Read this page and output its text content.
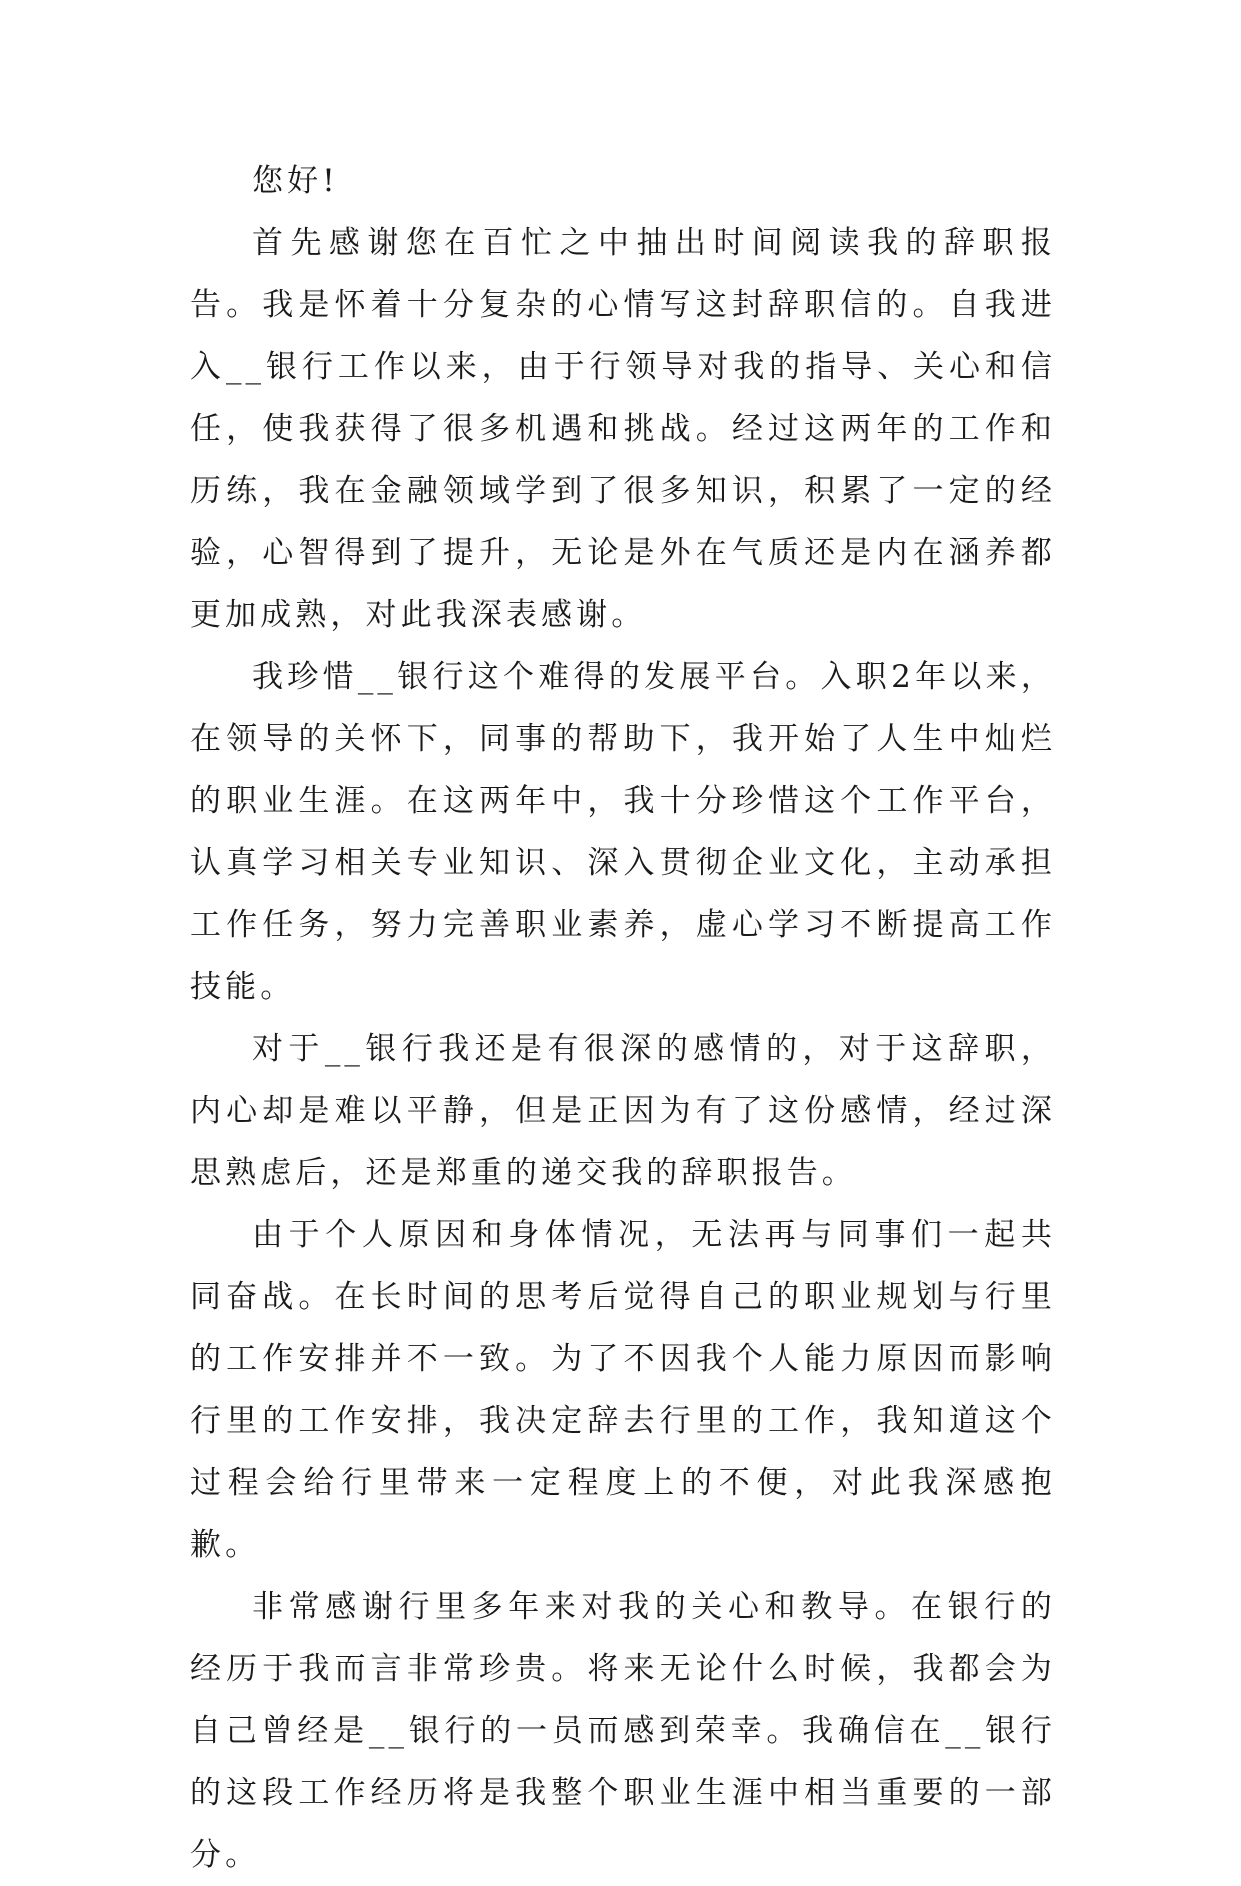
您好!

首先感谢您在百忙之中抽出时间阅读我的辞职报告。我是怀着十分复杂的心情写这封辞职信的。自我进入__银行工作以来，由于行领导对我的指导、关心和信任，使我获得了很多机遇和挑战。经过这两年的工作和历练，我在金融领域学到了很多知识，积累了一定的经验，心智得到了提升，无论是外在气质还是内在涵养都更加成熟，对此我深表感谢。

我珍惜__银行这个难得的发展平台。入职2年以来，在领导的关怀下，同事的帮助下，我开始了人生中灿烂的职业生涯。在这两年中，我十分珍惜这个工作平台，认真学习相关专业知识、深入贯彻企业文化，主动承担工作任务，努力完善职业素养，虚心学习不断提高工作技能。

对于__银行我还是有很深的感情的，对于这辞职，内心却是难以平静，但是正因为有了这份感情，经过深思熟虑后，还是郑重的递交我的辞职报告。

由于个人原因和身体情况，无法再与同事们一起共同奋战。在长时间的思考后觉得自己的职业规划与行里的工作安排并不一致。为了不因我个人能力原因而影响行里的工作安排，我决定辞去行里的工作，我知道这个过程会给行里带来一定程度上的不便，对此我深感抱歉。

非常感谢行里多年来对我的关心和教导。在银行的经历于我而言非常珍贵。将来无论什么时候，我都会为自己曾经是__银行的一员而感到荣幸。我确信在__银行的这段工作经历将是我整个职业生涯中相当重要的一部分。
